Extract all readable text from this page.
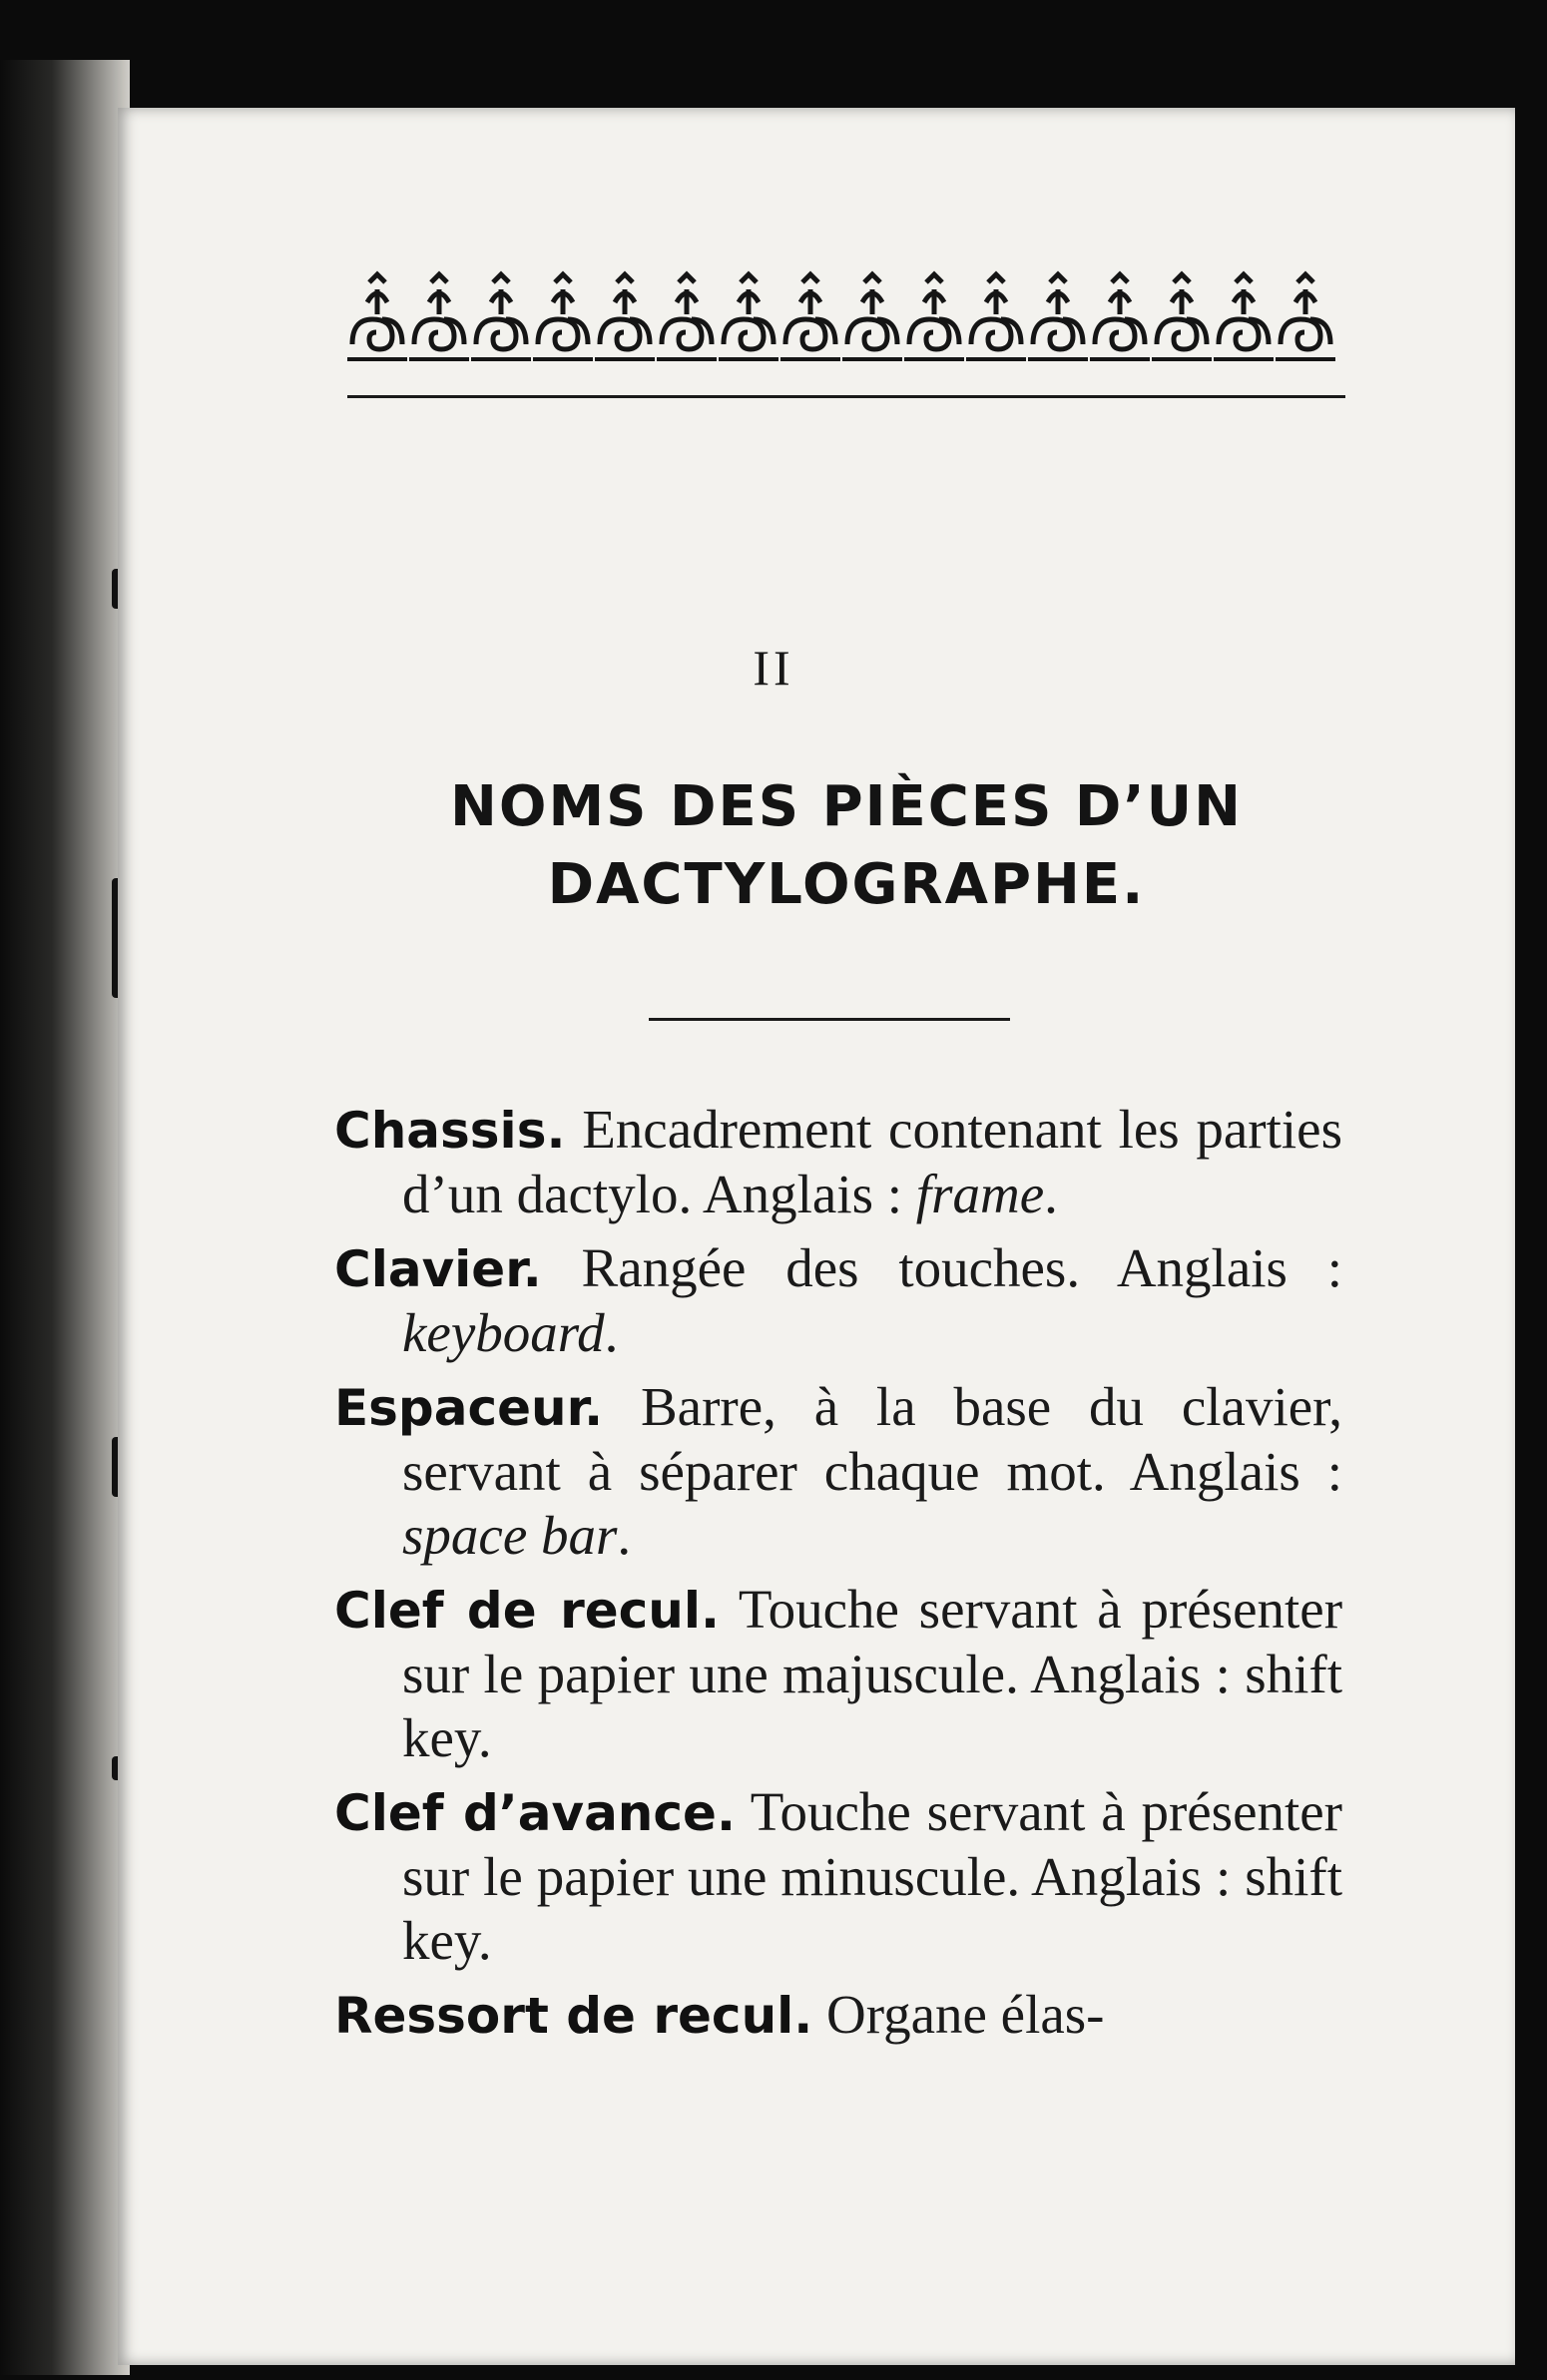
II
NOMS DES PIÈCES D’UN
DACTYLOGRAPHE.
Chassis. Encadrement contenant les parties d’un dactylo. Anglais : frame.
Clavier. Rangée des touches. Anglais : keyboard.
Espaceur. Barre, à la base du clavier, servant à séparer chaque mot. Anglais : space bar.
Clef de recul. Touche servant à présenter sur le papier une majuscule. Anglais : shift key.
Clef d’avance. Touche servant à présenter sur le papier une minuscule. Anglais : shift key.
Ressort de recul. Organe élas-
